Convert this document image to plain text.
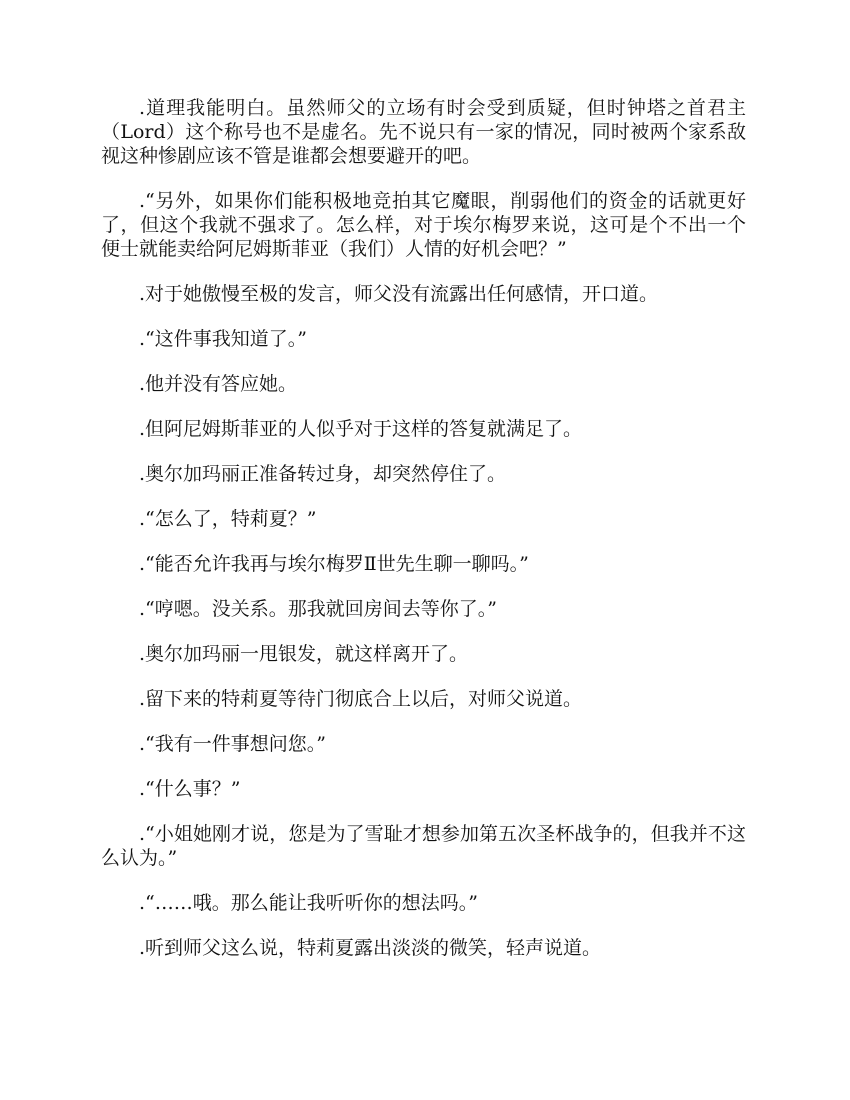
.道理我能明白。虽然师父的立场有时会受到质疑，但时钟塔之首君主（Lord）这个称号也不是虚名。先不说只有一家的情况，同时被两个家系敌视这种惨剧应该不管是谁都会想要避开的吧。

.“另外，如果你们能积极地竞拍其它魔眼，削弱他们的资金的话就更好了，但这个我就不强求了。怎么样，对于埃尔梅罗来说，这可是个不出一个便士就能卖给阿尼姆斯菲亚（我们）人情的好机会吧？”

.对于她傲慢至极的发言，师父没有流露出任何感情，开口道。

.“这件事我知道了。”

.他并没有答应她。

.但阿尼姆斯菲亚的人似乎对于这样的答复就满足了。

.奥尔加玛丽正准备转过身，却突然停住了。

.“怎么了，特莉夏？”

.“能否允许我再与埃尔梅罗Ⅱ世先生聊一聊吗。”

.“哼嗯。没关系。那我就回房间去等你了。”

.奥尔加玛丽一甩银发，就这样离开了。

.留下来的特莉夏等待门彻底合上以后，对师父说道。

.“我有一件事想问您。”

.“什么事？”

.“小姐她刚才说，您是为了雪耻才想参加第五次圣杯战争的，但我并不这么认为。”

.“……哦。那么能让我听听你的想法吗。”

.听到师父这么说，特莉夏露出淡淡的微笑，轻声说道。
